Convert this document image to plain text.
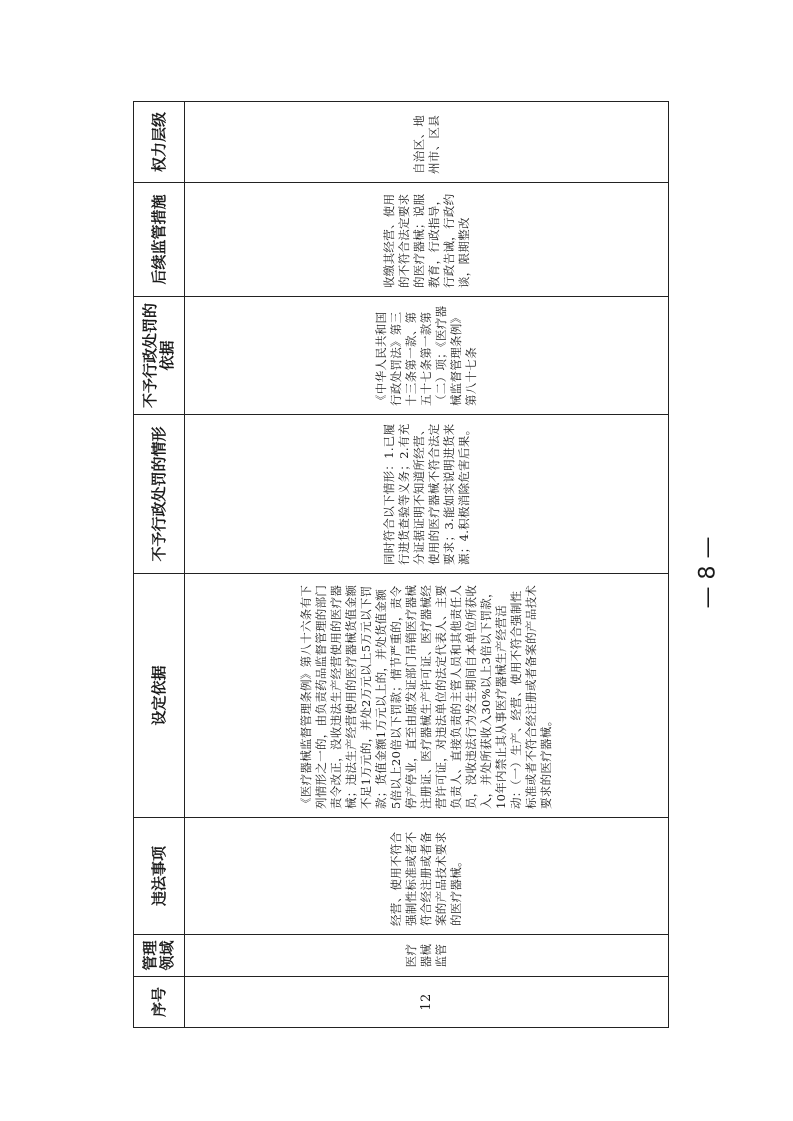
序号	管理领域	违法事项	设定依据	不予行政处罚的情形	不予行政处罚的依据	后续监管措施	权力层级
12	医疗器械监管	经营、使用不符合强制性标准或者不符合经注册或者备案的产品技术要求的医疗器械。	《医疗器械监督管理条例》第八十六条有下列情形之一的，由负责药品监督管理的部门责令改正，没收违法生产经营使用的医疗器械；违法生产经营使用的医疗器械货值金额不足1万元的，并处2万元以上5万元以下罚款；货值金额1万元以上的，并处货值金额5倍以上20倍以下罚款；情节严重的，责令停产停业，直至由原发证部门吊销医疗器械注册证、医疗器械生产许可证、医疗器械经营许可证，对违法单位的法定代表人、主要负责人、直接负责的主管人员和其他责任人员，没收违法行为发生期间自本单位所获收入，并处所获收入30%以上3倍以下罚款，10年内禁止其从事医疗器械生产经营活动：（一）生产、经营、使用不符合强制性标准或者不符合经注册或者备案的产品技术要求的医疗器械。	同时符合以下情形：1.已履行进货查验等义务；2.有充分证据证明不知道所经营、使用的医疗器械不符合法定要求；3.能如实说明进货来源；4.积极消除危害后果。	《中华人民共和国行政处罚法》第三十三条第一款、第五十七条第一款第（二）项；《医疗器械监督管理条例》第八十七条	收缴其经营、使用的不符合法定要求的医疗器械；说服教育，行政指导，行政告诫，行政约谈，限期整改	自治区、地州市、区县
— 8 —
